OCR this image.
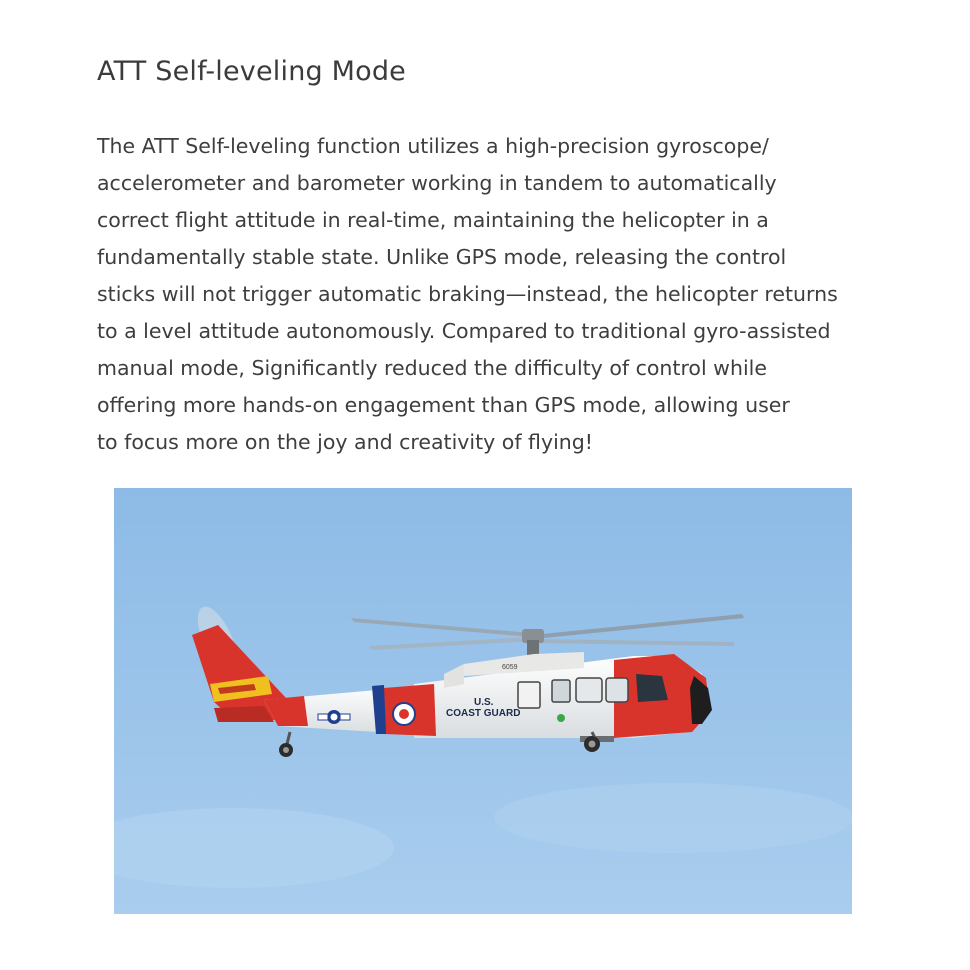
ATT Self-leveling Mode
The ATT Self-leveling function utilizes a high-precision gyroscope/
accelerometer and barometer working in tandem to automatically
correct flight attitude in real-time, maintaining the helicopter in a
fundamentally stable state. Unlike GPS mode, releasing the control
sticks will not trigger automatic braking—instead, the helicopter returns
to a level attitude autonomously. Compared to traditional gyro-assisted
manual mode, Significantly reduced the difficulty of control while
offering more hands-on engagement than GPS mode, allowing user
to focus more on the joy and creativity of flying!
U.S.
COAST GUARD
6059
